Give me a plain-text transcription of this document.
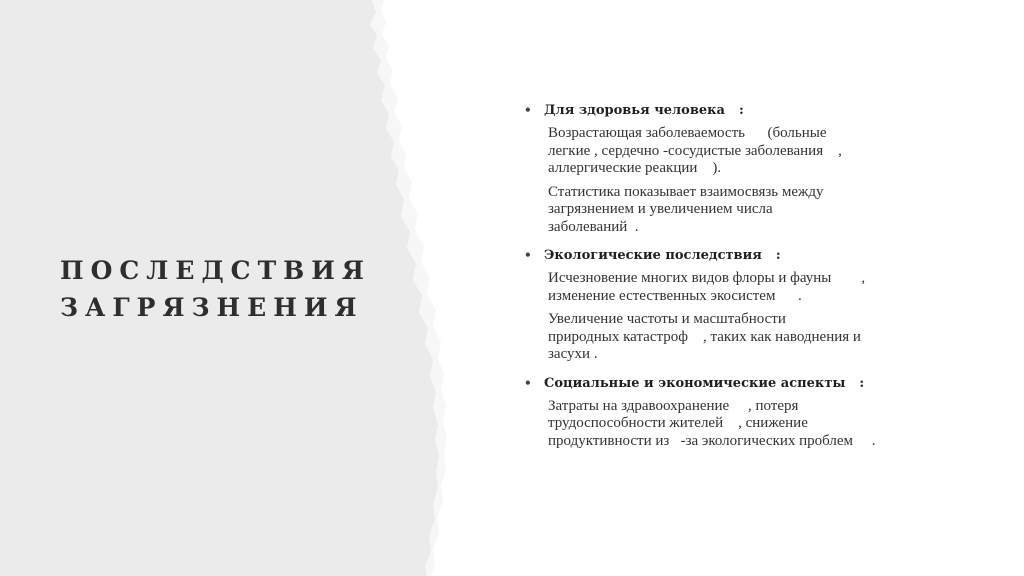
ПОСЛЕДСТВИЯ
ЗАГРЯЗНЕНИЯ
• Для здоровья человека :
Возрастающая заболеваемость      (больные
легкие , сердечно -сосудистые заболевания    ,
аллергические реакции    ).
Статистика показывает взаимосвязь между
загрязнением и увеличением числа
заболеваний  .
• Экологические последствия :
Исчезновение многих видов флоры и фауны        ,
изменение естественных экосистем      .
Увеличение частоты и масштабности
природных катастроф    , таких как наводнения и
засухи .
• Социальные и экономические аспекты :
Затраты на здравоохранение     , потеря
трудоспособности жителей    , снижение
продуктивности из   -за экологических проблем     .
